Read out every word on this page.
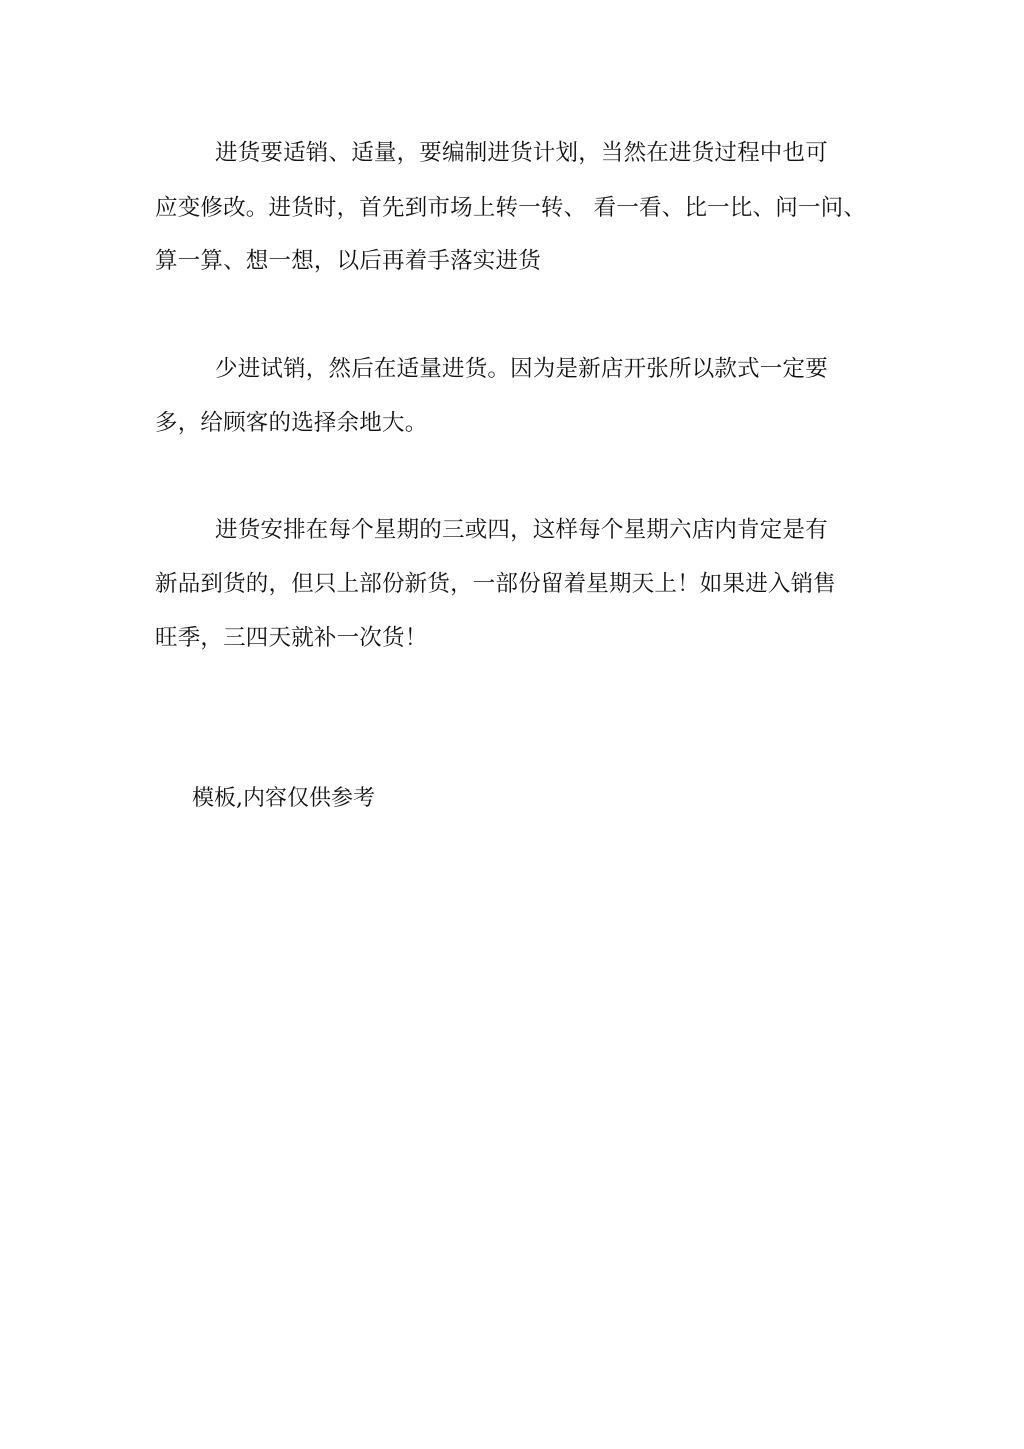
进货要适销、适量，要编制进货计划，当然在进货过程中也可
应变修改。进货时，首先到市场上转一转、 看一看、比一比、问一问、
算一算、想一想，以后再着手落实进货
少进试销，然后在适量进货。因为是新店开张所以款式一定要
多，给顾客的选择余地大。
进货安排在每个星期的三或四，这样每个星期六店内肯定是有
新品到货的，但只上部份新货，一部份留着星期天上！如果进入销售
旺季，三四天就补一次货！
模板,内容仅供参考
